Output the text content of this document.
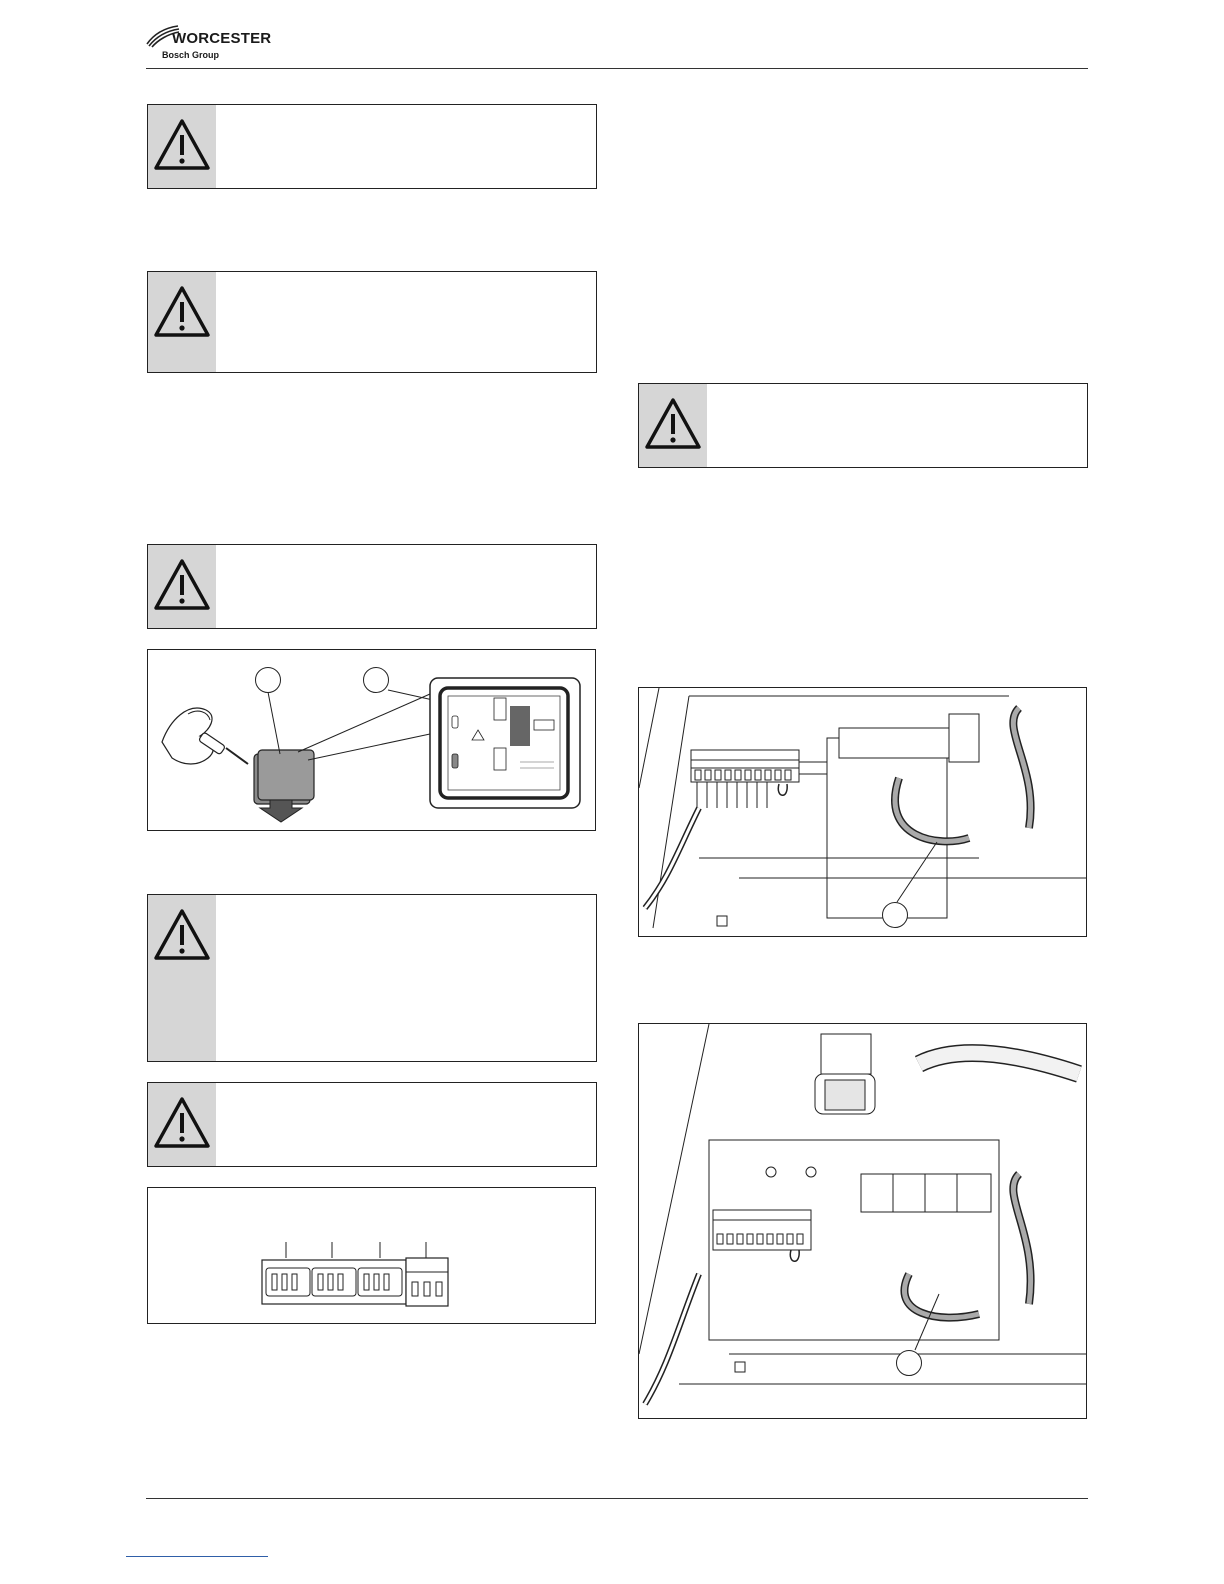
WORCESTER
Bosch Group
